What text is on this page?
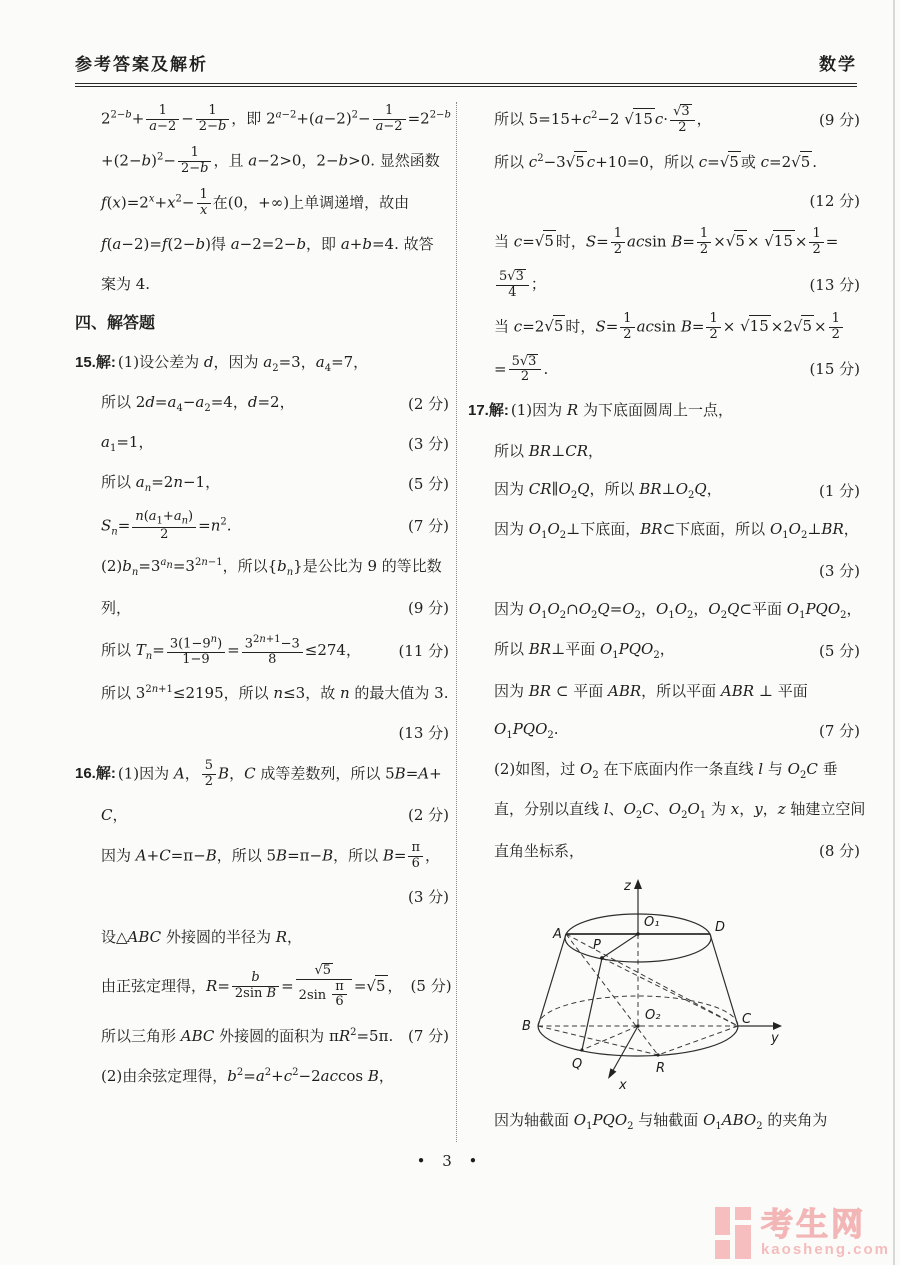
参考答案及解析	数学
$2^{2-b}+ \frac{1}{a-2} - \frac{1}{2-b}$ ，即 $2^{a-2}+(a-2)^2- \frac{1}{a-2} =2^{2-b}$
$+(2-b)^2- \frac{1}{2-b}$ ，且 a−2>0，2−b>0. 显然函数
$f(x)=2^x+x^2- \frac{1}{x}$ 在(0，+∞)上单调递增，故由
f(a−2)=f(2−b)得 a−2=2−b，即 a+b=4. 故答
案为 4.
四、解答题
15.解: (1)设公差为 d，因为 $a_2=3$，$a_4=7$，
所以 $2d=a_4-a_2=4$，d=2，	(2 分)
$a_1=1$，	(3 分)
所以 $a_n=2n-1$，	(5 分)
$S_n= \frac{n(a_1+a_n)}{2} =n^2$.	(7 分)
$(2)b_n=3^{a_n}=3^{2n-1}$，所以$\{b_n\}$是公比为 9 的等比数
列，	(9 分)
所以 $T_n= \frac{3(1-9^n)}{1-9} = \frac{3^{2n+1}-3}{8} \le 274$，	(11 分)
所以 $3^{2n+1}\le 2195$，所以 n≤3，故 n 的最大值为 3.
(13 分)
16.解: (1)因为 A， $\frac{5}{2}$ B，C 成等差数列，所以 5B=A+
C，	(2 分)
因为 A+C=π−B，所以 5B=π−B，所以 $B= \frac{\pi}{6}$ ，
(3 分)
设△ABC 外接圆的半径为 R，
由正弦定理得，$R= \frac{b}{\text{2sin B}} = \frac{√ 5}{2\sin \frac{\pi}{6}}$ = √ 5 ， (5 分)
所以三角形 ABC 外接圆的面积为 $\pi R^2=5\pi$. (7 分)
(2)由余弦定理得，$b^2=a^2+c^2-2accos$ B，
所以 $5=15+c^2-2$ √ 15 $c\cdot \frac{√ 3}{2}$ ，	(9 分)
所以 $c^2-3$ √ 5 c+10=0，所以 c= √ 5 或 c=2 √ 5 .
(12 分)
当 c= √ 5 时，$S= \frac{1}{2}$ acsin $B= \frac{1}{2}$ × √ 5 × √ $15 \times \frac{1}{2}$ =
$\frac{5 √ 3}{4}$ ；	(13 分)
当 c=2 √ 5 时，$S= \frac{1}{2}$ acsin $B= \frac{1}{2}$ × √ 15 ×2 √ $5 \times \frac{1}{2}$
= $\frac{5 √ 3}{2}$ .	(15 分)
17.解: (1)因为 R 为下底面圆周上一点，
所以 BR⊥CR，
因为 $CR\parallel O_2Q$，所以 $BR\perp O_2Q$，	(1 分)
因为 $O_1O_2\perp$下底面，BR⊂下底面，所以 $O_1O_2\perp BR$，
(3 分)
因为 $O_1O_2\cap O_2Q=O_2$，$O_1O_2$，$O_2Q\subset$平面 $O_1PQO_2$，
所以 BR⊥平面 $O_1PQO_2$，	(5 分)
因为 BR ⊂ 平面 ABR，所以平面 ABR ⊥ 平面
$O_1PQO_2$.	(7 分)
(2)如图，过 $O_2$ 在下底面内作一条直线 l 与 $O_2C$ 垂
直，分别以直线 l、$O_2C$、$O_2O_1$ 为 x，y，z 轴建立空间
直角坐标系，	(8 分)
A
B	C
D
P
Q	R
O₁
O₂
x
y
z
因为轴截面 $O_1PQO_2$ 与轴截面 $O_1ABO_2$ 的夹角为
• 3 •
考生网
kaosheng.com
